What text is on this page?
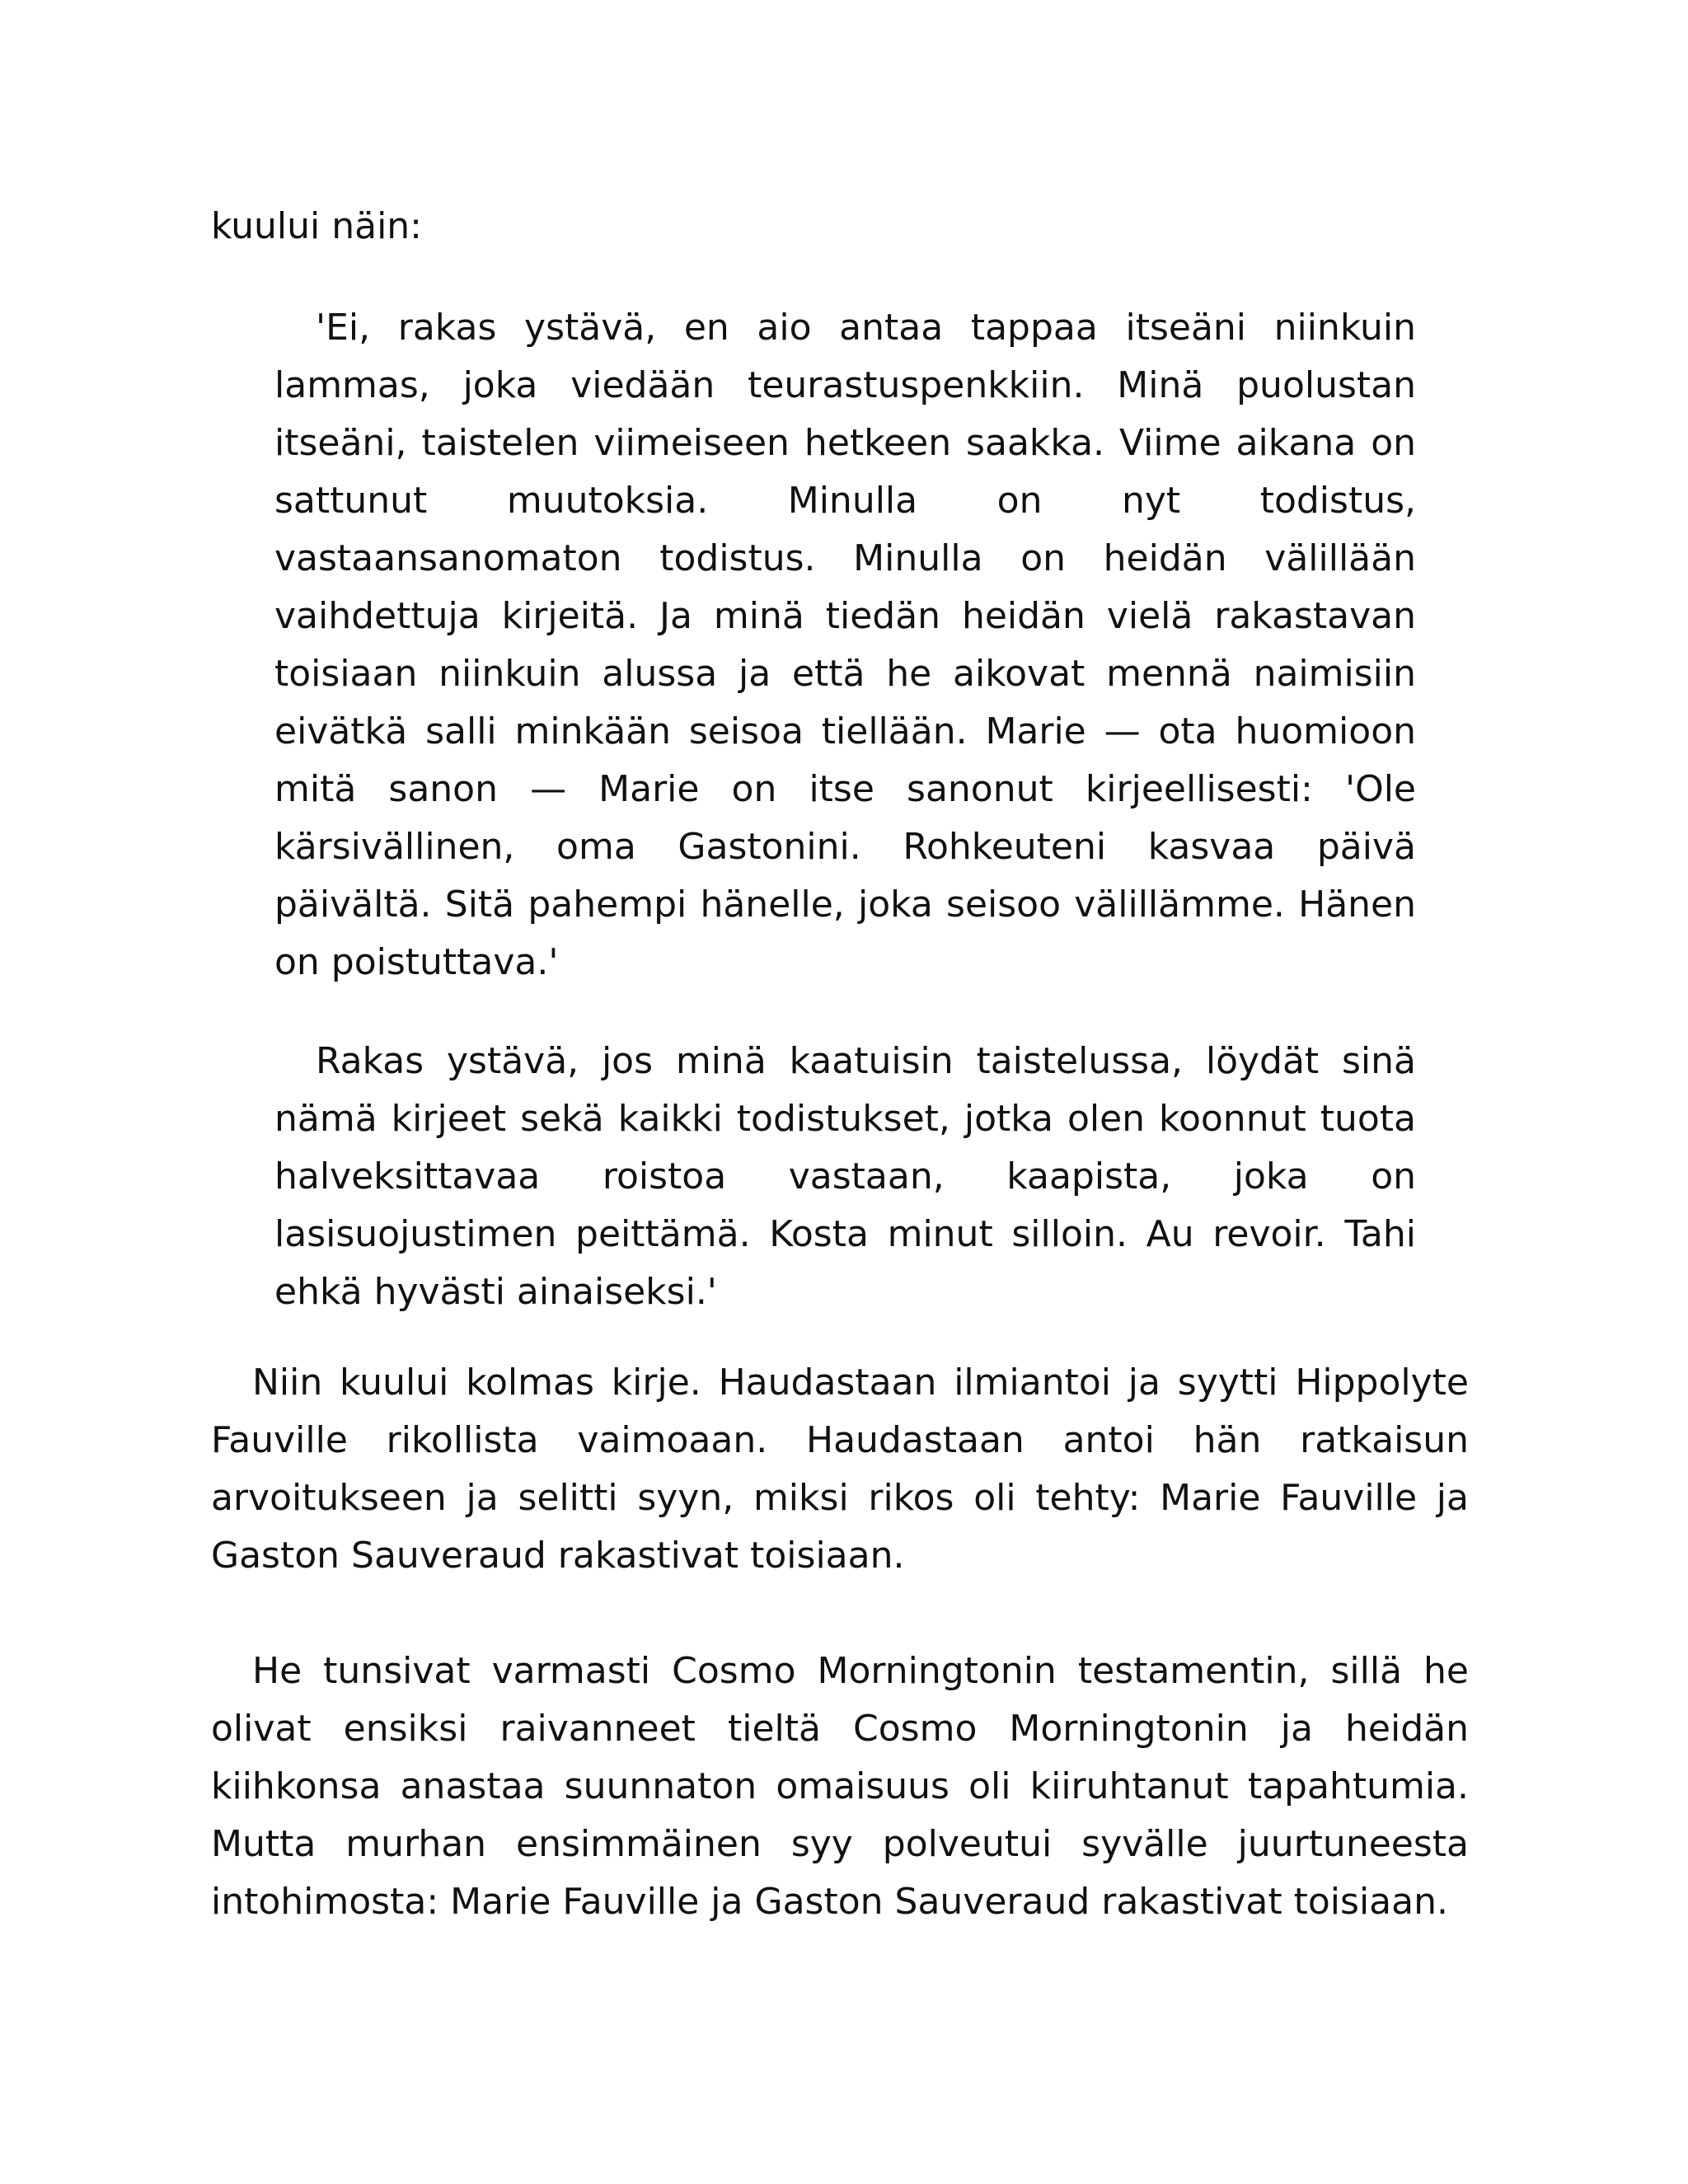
kuului näin:

'Ei, rakas ystävä, en aio antaa tappaa itseäni niinkuin lammas, joka viedään teurastuspenkkiin. Minä puolustan itseäni, taistelen viimeiseen hetkeen saakka. Viime aikana on sattunut muutoksia. Minulla on nyt todistus, vastaansanomaton todistus. Minulla on heidän välillään vaihdettuja kirjeitä. Ja minä tiedän heidän vielä rakastavan toisiaan niinkuin alussa ja että he aikovat mennä naimisiin eivätkä salli minkään seisoa tiellään. Marie — ota huomioon mitä sanon — Marie on itse sanonut kirjeellisesti: 'Ole kärsivällinen, oma Gastonini. Rohkeuteni kasvaa päivä päivältä. Sitä pahempi hänelle, joka seisoo välillämme. Hänen on poistuttava.'

Rakas ystävä, jos minä kaatuisin taistelussa, löydät sinä nämä kirjeet sekä kaikki todistukset, jotka olen koonnut tuota halveksittavaa roistoa vastaan, kaapista, joka on lasisuojustimen peittämä. Kosta minut silloin. Au revoir. Tahi ehkä hyvästi ainaiseksi.'

Niin kuului kolmas kirje. Haudastaan ilmiantoi ja syytti Hippolyte Fauville rikollista vaimoaan. Haudastaan antoi hän ratkaisun arvoitukseen ja selitti syyn, miksi rikos oli tehty: Marie Fauville ja Gaston Sauveraud rakastivat toisiaan.

He tunsivat varmasti Cosmo Morningtonin testamentin, sillä he olivat ensiksi raivanneet tieltä Cosmo Morningtonin ja heidän kiihkonsa anastaa suunnaton omaisuus oli kiiruhtanut tapahtumia. Mutta murhan ensimmäinen syy polveutui syvälle juurtuneesta intohimosta: Marie Fauville ja Gaston Sauveraud rakastivat toisiaan.
